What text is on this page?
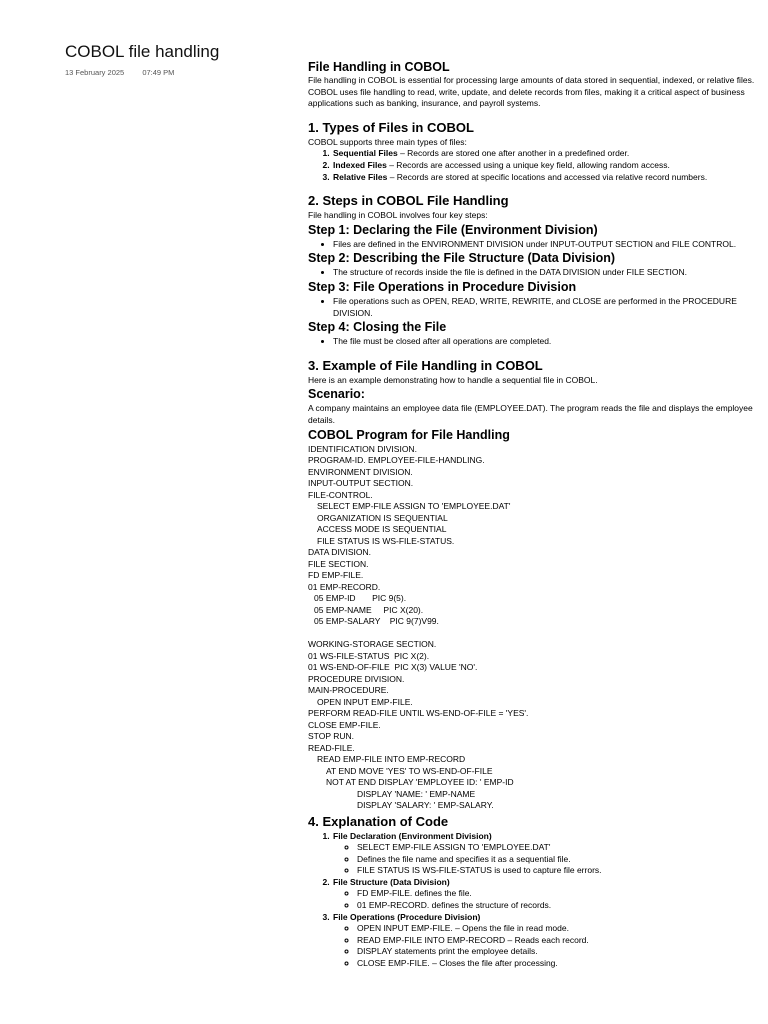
COBOL file handling
13 February 2025 07:49 PM	File Handling in COBOL

File handling in COBOL is essential for processing large amounts of data stored in sequential, indexed, or relative files. COBOL uses file handling to read, write, update, and delete records from files, making it a critical aspect of business applications such as banking, insurance, and payroll systems.

1. Types of Files in COBOL

COBOL supports three main types of files:

1. Sequential Files – Records are stored one after another in a predefined order.
2. Indexed Files – Records are accessed using a unique key field, allowing random access.
3. Relative Files – Records are stored at specific locations and accessed via relative record numbers.
2. Steps in COBOL File Handling

File handling in COBOL involves four key steps:

Step 1: Declaring the File (Environment Division)
• Files are defined in the ENVIRONMENT DIVISION under INPUT-OUTPUT SECTION and FILE CONTROL.
Step 2: Describing the File Structure (Data Division)
• The structure of records inside the file is defined in the DATA DIVISION under FILE SECTION.
Step 3: File Operations in Procedure Division
• File operations such as OPEN, READ, WRITE, REWRITE, and CLOSE are performed in the PROCEDURE DIVISION.
Step 4: Closing the File
• The file must be closed after all operations are completed.
3. Example of File Handling in COBOL

Here is an example demonstrating how to handle a sequential file in COBOL.

Scenario:

A company maintains an employee data file (EMPLOYEE.DAT). The program reads the file and displays the employee details.

COBOL Program for File Handling
IDENTIFICATION DIVISION.
PROGRAM-ID. EMPLOYEE-FILE-HANDLING.
ENVIRONMENT DIVISION.
INPUT-OUTPUT SECTION.
FILE-CONTROL.
SELECT EMP-FILE ASSIGN TO 'EMPLOYEE.DAT'
ORGANIZATION IS SEQUENTIAL
ACCESS MODE IS SEQUENTIAL
FILE STATUS IS WS-FILE-STATUS.
DATA DIVISION.
FILE SECTION.
FD EMP-FILE.
01 EMP-RECORD.
05 EMP-ID       PIC 9(5).
05 EMP-NAME     PIC X(20).
05 EMP-SALARY    PIC 9(7)V99.
WORKING-STORAGE SECTION.
01 WS-FILE-STATUS  PIC X(2).
01 WS-END-OF-FILE  PIC X(3) VALUE 'NO'.
PROCEDURE DIVISION.
MAIN-PROCEDURE.
OPEN INPUT EMP-FILE.
PERFORM READ-FILE UNTIL WS-END-OF-FILE = 'YES'.
CLOSE EMP-FILE.
STOP RUN.
READ-FILE.
READ EMP-FILE INTO EMP-RECORD
AT END MOVE 'YES' TO WS-END-OF-FILE
NOT AT END DISPLAY 'EMPLOYEE ID: ' EMP-ID
DISPLAY 'NAME: ' EMP-NAME
DISPLAY 'SALARY: ' EMP-SALARY.
4. Explanation of Code
1. File Declaration (Environment Division)
◦ SELECT EMP-FILE ASSIGN TO 'EMPLOYEE.DAT'
◦ Defines the file name and specifies it as a sequential file.
◦ FILE STATUS IS WS-FILE-STATUS is used to capture file errors.
2. File Structure (Data Division)
◦ FD EMP-FILE. defines the file.
◦ 01 EMP-RECORD. defines the structure of records.
3. File Operations (Procedure Division)
◦ OPEN INPUT EMP-FILE. – Opens the file in read mode.
◦ READ EMP-FILE INTO EMP-RECORD – Reads each record.
◦ DISPLAY statements print the employee details.
◦ CLOSE EMP-FILE. – Closes the file after processing.
